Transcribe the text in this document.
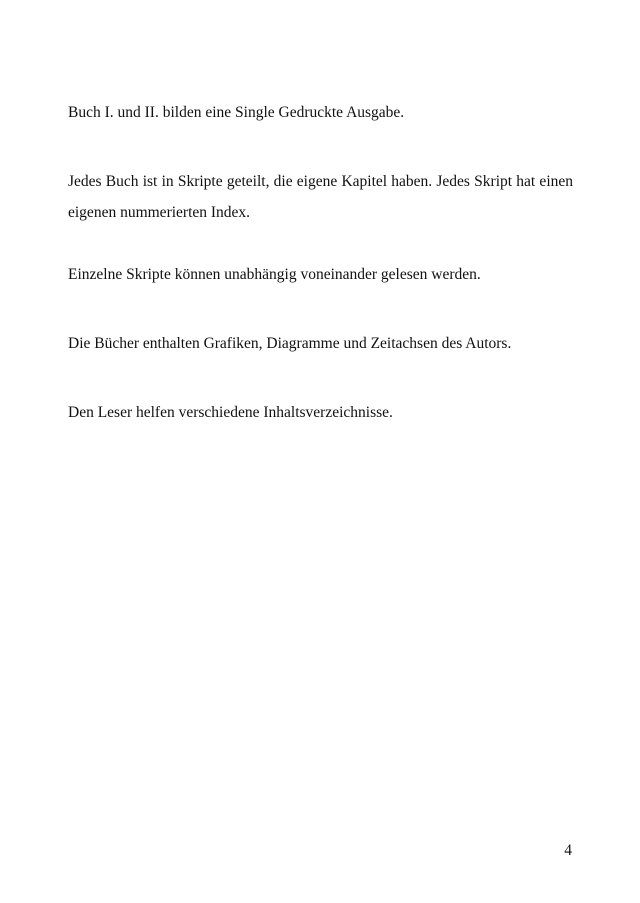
Buch I. und II. bilden eine Single Gedruckte Ausgabe.

Jedes Buch ist in Skripte geteilt, die eigene Kapitel haben. Jedes Skript hat einen eigenen nummerierten Index.

Einzelne Skripte können unabhängig voneinander gelesen werden.

Die Bücher enthalten Grafiken, Diagramme und Zeitachsen des Autors.

Den Leser helfen verschiedene Inhaltsverzeichnisse.

4
